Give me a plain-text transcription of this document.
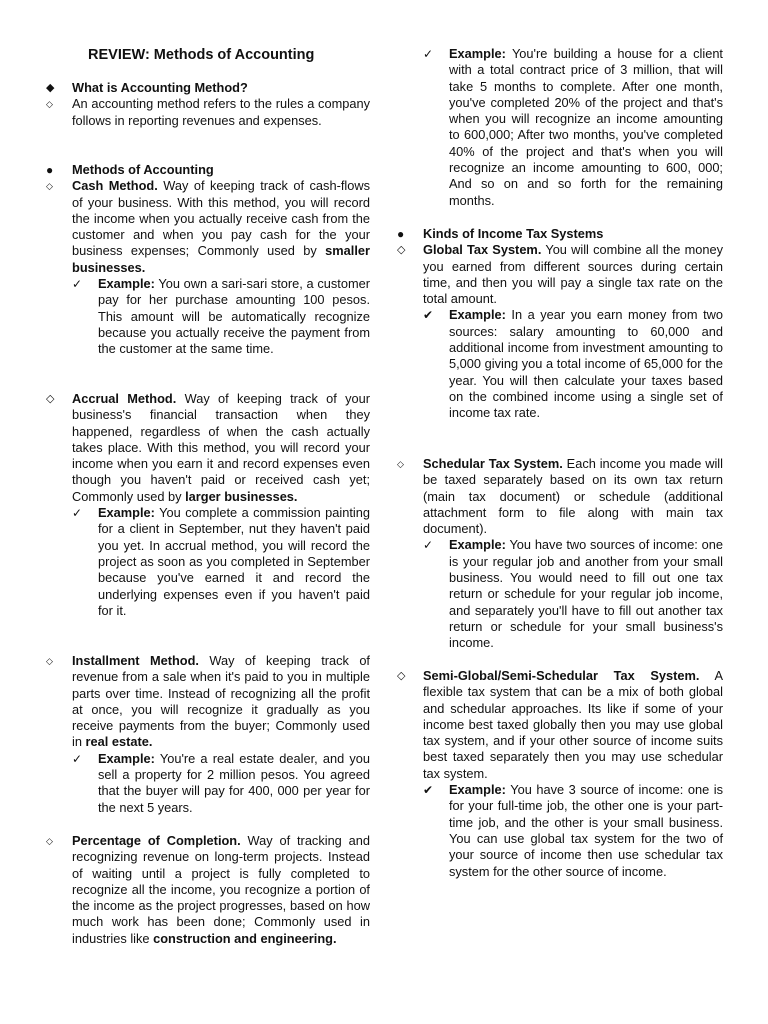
REVIEW: Methods of Accounting
◆	What is Accounting Method?
◇	An accounting method refers to the rules a company follows in reporting revenues and expenses.
●	Methods of Accounting
◇	Cash Method. Way of keeping track of cash-flows of your business. With this method, you will record the income when you actually receive cash from the customer and when you pay cash for the your business expenses; Commonly used by smaller businesses.
✓	Example: You own a sari-sari store, a customer pay for her purchase amounting 100 pesos. This amount will be automatically recognize because you actually receive the payment from the customer at the same time.
◇	Accrual Method. Way of keeping track of your business's financial transaction when they happened, regardless of when the cash actually takes place. With this method, you will record your income when you earn it and record expenses even though you haven't paid or received cash yet; Commonly used by larger businesses.
✓	Example: You complete a commission painting for a client in September, nut they haven't paid you yet. In accrual method, you will record the project as soon as you completed in September because you've earned it and record the underlying expenses even if you haven't paid for it.
◇	Installment Method. Way of keeping track of revenue from a sale when it's paid to you in multiple parts over time. Instead of recognizing all the profit at once, you will recognize it gradually as you receive payments from the buyer; Commonly used in real estate.
✓	Example: You're a real estate dealer, and you sell a property for 2 million pesos. You agreed that the buyer will pay for 400, 000 per year for the next 5 years.
◇	Percentage of Completion. Way of tracking and recognizing revenue on long-term projects. Instead of waiting until a project is fully completed to recognize all the income, you recognize a portion of the income as the project progresses, based on how much work has been done; Commonly used in industries like construction and engineering.
✓	Example: You're building a house for a client with a total contract price of 3 million, that will take 5 months to complete. After one month, you've completed 20% of the project and that's when you will recognize an income amounting to 600,000; After two months, you've completed 40% of the project and that's when you will recognize an income amounting to 600, 000; And so on and so forth for the remaining months.
●	Kinds of Income Tax Systems
◇	Global Tax System. You will combine all the money you earned from different sources during certain time, and then you will pay a single tax rate on the total amount.
✔	Example: In a year you earn money from two sources: salary amounting to 60,000 and additional income from investment amounting to 5,000 giving you a total income of 65,000 for the year. You will then calculate your taxes based on the combined income using a single set of income tax rate.
◇	Schedular Tax System. Each income you made will be taxed separately based on its own tax return (main tax document) or schedule (additional attachment form to file along with main tax document).
✓	Example: You have two sources of income: one is your regular job and another from your small business. You would need to fill out one tax return or schedule for your regular job income, and separately you'll have to fill out another tax return or schedule for your small business's income.
◇	Semi-Global/Semi-Schedular Tax System. A flexible tax system that can be a mix of both global and schedular approaches. Its like if some of your income best taxed globally then you may use global tax system, and if your other source of income suits best taxed separately then you may use schedular tax system.
✔	Example: You have 3 source of income: one is for your full-time job, the other one is your part-time job, and the other is your small business. You can use global tax system for the two of your source of income then use schedular tax system for the other source of income.
